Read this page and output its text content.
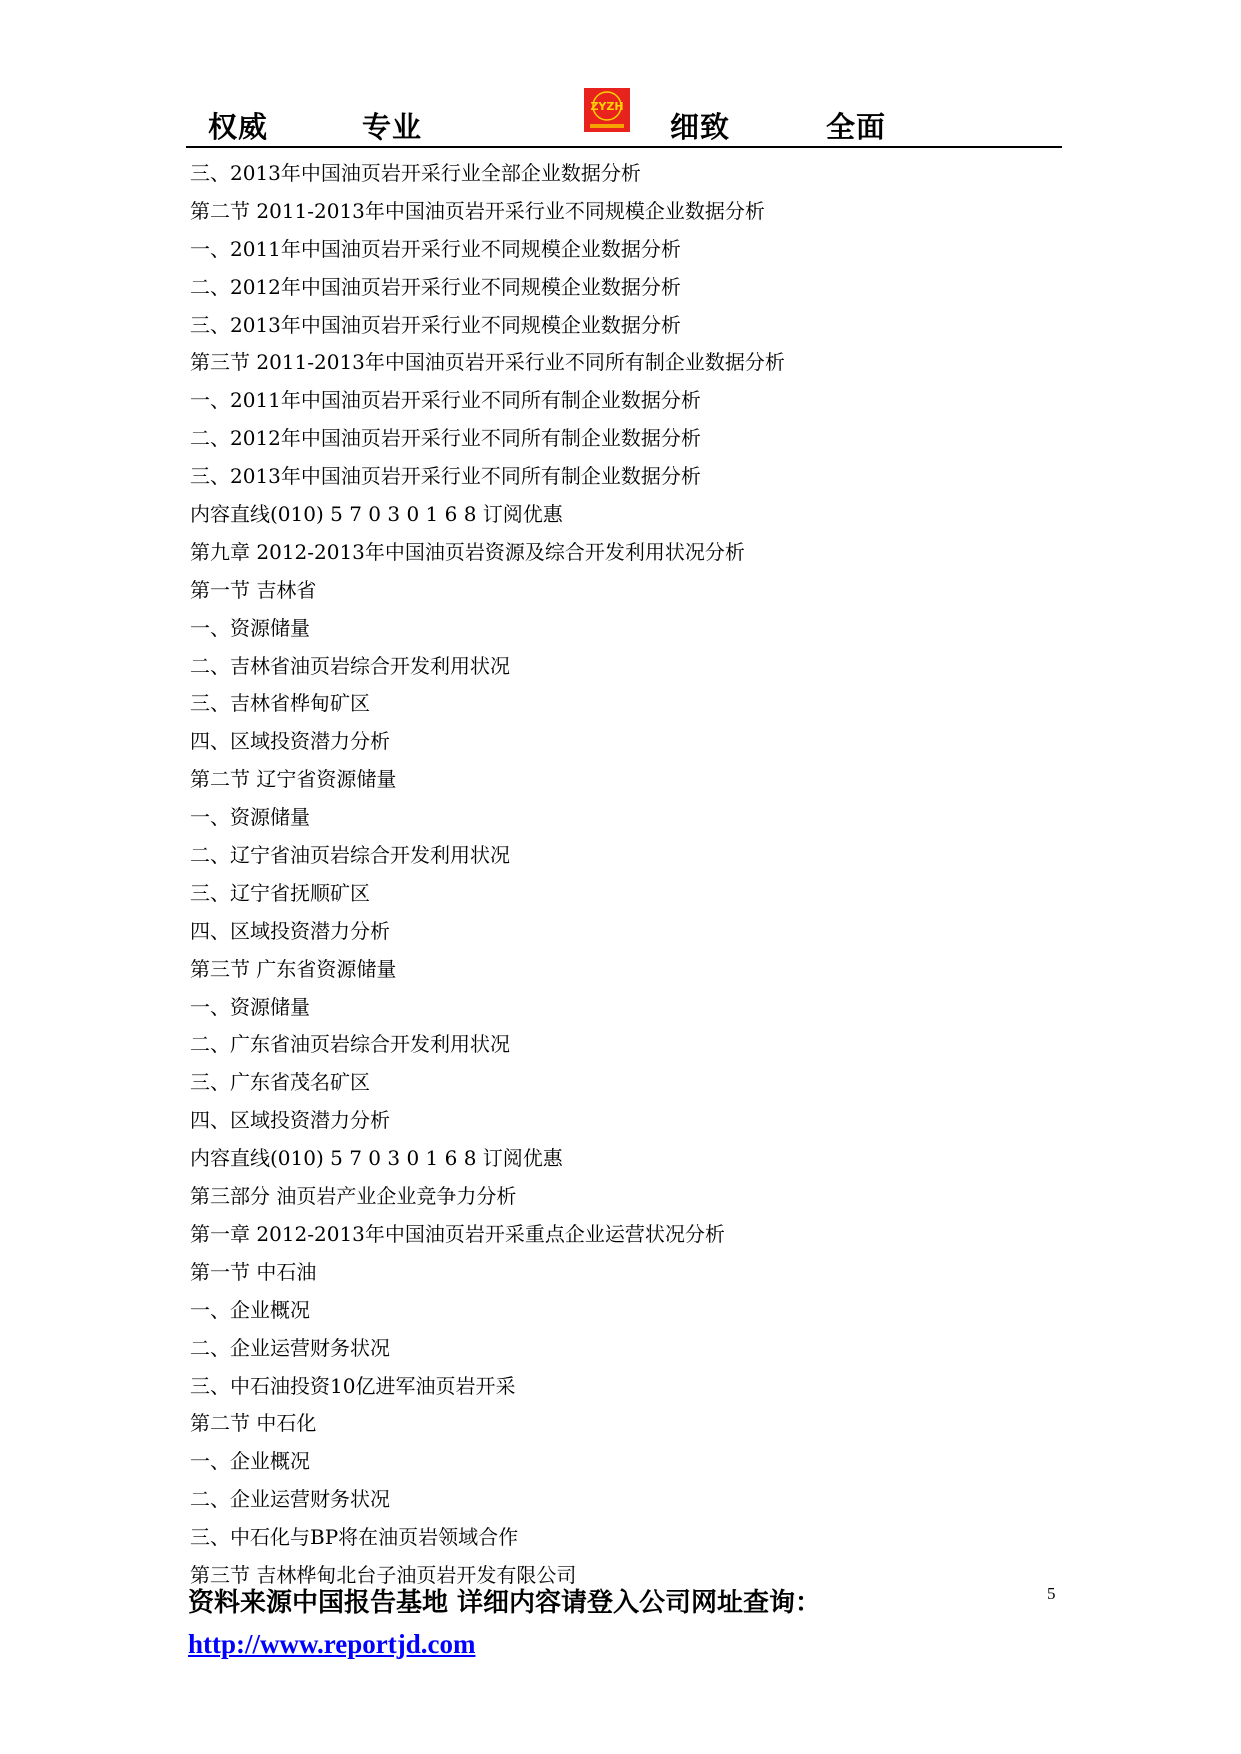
权威	专业
ZYZH
细致	全面
三、2013年中国油页岩开采行业全部企业数据分析
第二节 2011-2013年中国油页岩开采行业不同规模企业数据分析
一、2011年中国油页岩开采行业不同规模企业数据分析
二、2012年中国油页岩开采行业不同规模企业数据分析
三、2013年中国油页岩开采行业不同规模企业数据分析
第三节 2011-2013年中国油页岩开采行业不同所有制企业数据分析
一、2011年中国油页岩开采行业不同所有制企业数据分析
二、2012年中国油页岩开采行业不同所有制企业数据分析
三、2013年中国油页岩开采行业不同所有制企业数据分析
内容直线(010) 5 7 0 3 0 1 6 8 订阅优惠
第九章 2012-2013年中国油页岩资源及综合开发利用状况分析
第一节 吉林省
一、资源储量
二、吉林省油页岩综合开发利用状况
三、吉林省桦甸矿区
四、区域投资潜力分析
第二节 辽宁省资源储量
一、资源储量
二、辽宁省油页岩综合开发利用状况
三、辽宁省抚顺矿区
四、区域投资潜力分析
第三节 广东省资源储量
一、资源储量
二、广东省油页岩综合开发利用状况
三、广东省茂名矿区
四、区域投资潜力分析
内容直线(010) 5 7 0 3 0 1 6 8 订阅优惠
第三部分 油页岩产业企业竞争力分析
第一章 2012-2013年中国油页岩开采重点企业运营状况分析
第一节 中石油
一、企业概况
二、企业运营财务状况
三、中石油投资10亿进军油页岩开采
第二节 中石化
一、企业概况
二、企业运营财务状况
三、中石化与BP将在油页岩领域合作
第三节 吉林桦甸北台子油页岩开发有限公司
资料来源中国报告基地 详细内容请登入公司网址查询：
http://www.reportjd.com
5
